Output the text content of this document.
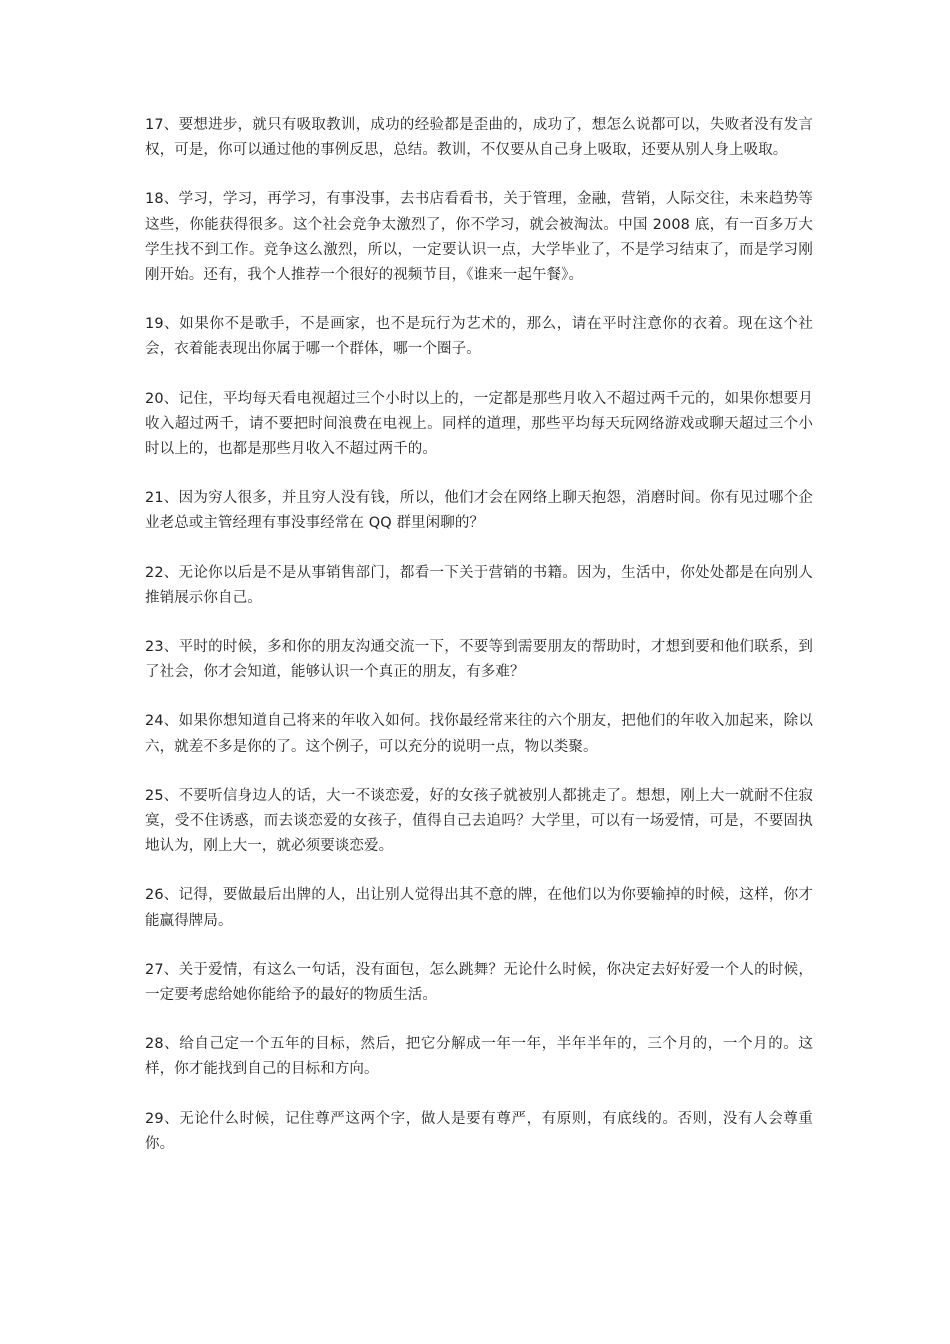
17、要想进步，就只有吸取教训，成功的经验都是歪曲的，成功了，想怎么说都可以，失败者没有发言权，可是，你可以通过他的事例反思，总结。教训，不仅要从自己身上吸取，还要从别人身上吸取。

18、学习，学习，再学习，有事没事，去书店看看书，关于管理，金融，营销，人际交往，未来趋势等这些，你能获得很多。这个社会竞争太激烈了，你不学习，就会被淘汰。中国 2008 底，有一百多万大学生找不到工作。竞争这么激烈，所以，一定要认识一点，大学毕业了，不是学习结束了，而是学习刚刚开始。还有，我个人推荐一个很好的视频节目，《谁来一起午餐》。

19、如果你不是歌手，不是画家，也不是玩行为艺术的，那么，请在平时注意你的衣着。现在这个社会，衣着能表现出你属于哪一个群体，哪一个圈子。

20、记住，平均每天看电视超过三个小时以上的，一定都是那些月收入不超过两千元的，如果你想要月收入超过两千，请不要把时间浪费在电视上。同样的道理，那些平均每天玩网络游戏或聊天超过三个小时以上的，也都是那些月收入不超过两千的。

21、因为穷人很多，并且穷人没有钱，所以，他们才会在网络上聊天抱怨，消磨时间。你有见过哪个企业老总或主管经理有事没事经常在 QQ 群里闲聊的？

22、无论你以后是不是从事销售部门，都看一下关于营销的书籍。因为，生活中，你处处都是在向别人推销展示你自己。

23、平时的时候，多和你的朋友沟通交流一下，不要等到需要朋友的帮助时，才想到要和他们联系，到了社会，你才会知道，能够认识一个真正的朋友，有多难？

24、如果你想知道自己将来的年收入如何。找你最经常来往的六个朋友，把他们的年收入加起来，除以六，就差不多是你的了。这个例子，可以充分的说明一点，物以类聚。

25、不要听信身边人的话，大一不谈恋爱，好的女孩子就被别人都挑走了。想想，刚上大一就耐不住寂寞，受不住诱惑，而去谈恋爱的女孩子，值得自己去追吗？大学里，可以有一场爱情，可是，不要固执地认为，刚上大一，就必须要谈恋爱。

26、记得，要做最后出牌的人，出让别人觉得出其不意的牌，在他们以为你要输掉的时候，这样，你才能赢得牌局。

27、关于爱情，有这么一句话，没有面包，怎么跳舞？无论什么时候，你决定去好好爱一个人的时候，一定要考虑给她你能给予的最好的物质生活。

28、给自己定一个五年的目标，然后，把它分解成一年一年，半年半年的，三个月的，一个月的。这样，你才能找到自己的目标和方向。

29、无论什么时候，记住尊严这两个字，做人是要有尊严，有原则，有底线的。否则，没有人会尊重你。
